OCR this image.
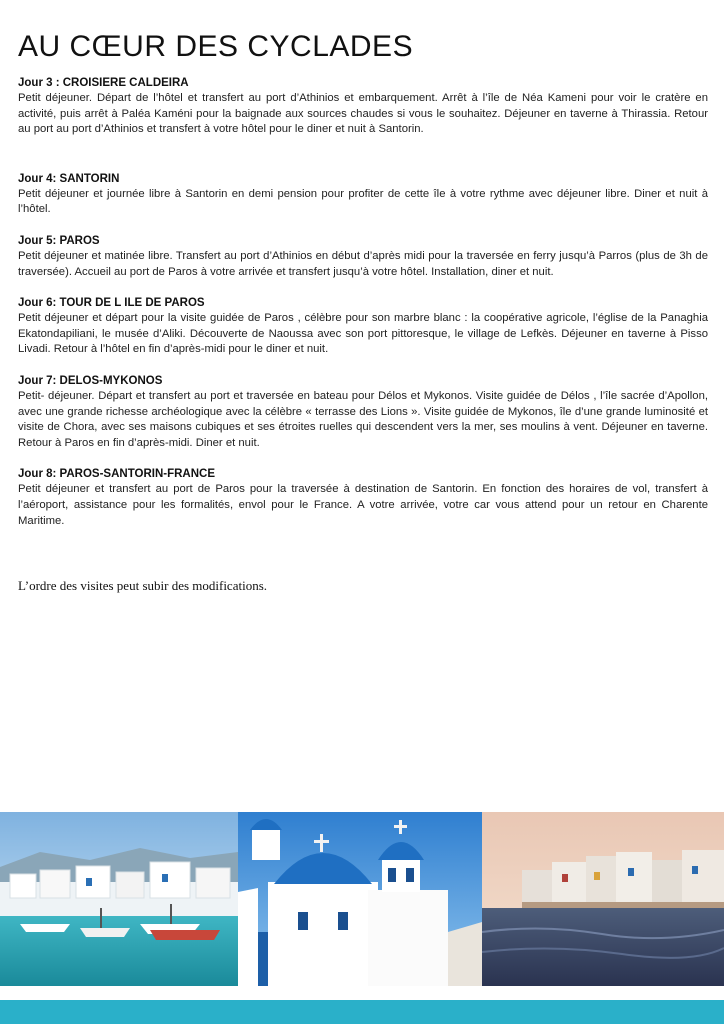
AU CŒUR DES CYCLADES
Jour 3 : CROISIERE CALDEIRA
Petit déjeuner. Départ de l’hôtel et transfert au port d’Athinios et embarquement. Arrêt à l’île de Néa Kameni pour voir le cratère en activité, puis arrêt à Paléa Kaméni pour la baignade aux sources chaudes si vous le souhaitez. Déjeuner en taverne à Thirassia. Retour au port au port d’Athinios et transfert à votre hôtel pour le diner et nuit à Santorin.
Jour 4: SANTORIN
Petit déjeuner et journée libre à Santorin en demi pension pour profiter de cette île à votre rythme avec déjeuner libre. Diner et nuit à l’hôtel.
Jour 5: PAROS
Petit déjeuner et matinée libre. Transfert au port d’Athinios en début d’après midi pour la traversée en ferry jusqu’à Parros (plus de 3h de traversée). Accueil au port de Paros à votre arrivée et transfert jusqu’à votre hôtel. Installation, diner et nuit.
Jour 6: TOUR DE L ILE DE PAROS
Petit déjeuner et départ pour la visite guidée de Paros , célèbre pour son marbre blanc : la coopérative agricole, l’église de la Panaghia Ekatondapiliani, le musée d’Aliki. Découverte de Naoussa avec son port pittoresque, le village de Lefkès. Déjeuner en taverne à Pisso Livadi. Retour à l’hôtel en fin d’après-midi pour le diner et nuit.
Jour 7: DELOS-MYKONOS
Petit- déjeuner. Départ et transfert au port et traversée en bateau pour Délos et Mykonos. Visite guidée de Délos , l’île sacrée d’Apollon, avec une grande richesse archéologique avec la célèbre « terrasse des Lions ». Visite guidée de Mykonos, île d’une grande luminosité et visite de Chora, avec ses maisons cubiques et ses étroites ruelles qui descendent vers la mer, ses moulins à vent. Déjeuner en taverne. Retour à Paros en fin d’après-midi. Diner et nuit.
Jour 8: PAROS-SANTORIN-FRANCE
Petit déjeuner et transfert au port de Paros pour la traversée à destination de Santorin. En fonction des horaires de vol, transfert à l’aéroport, assistance pour les formalités, envol pour le France. A votre arrivée, votre car vous attend pour un retour en Charente Maritime.
L’ordre des visites peut subir des modifications.
